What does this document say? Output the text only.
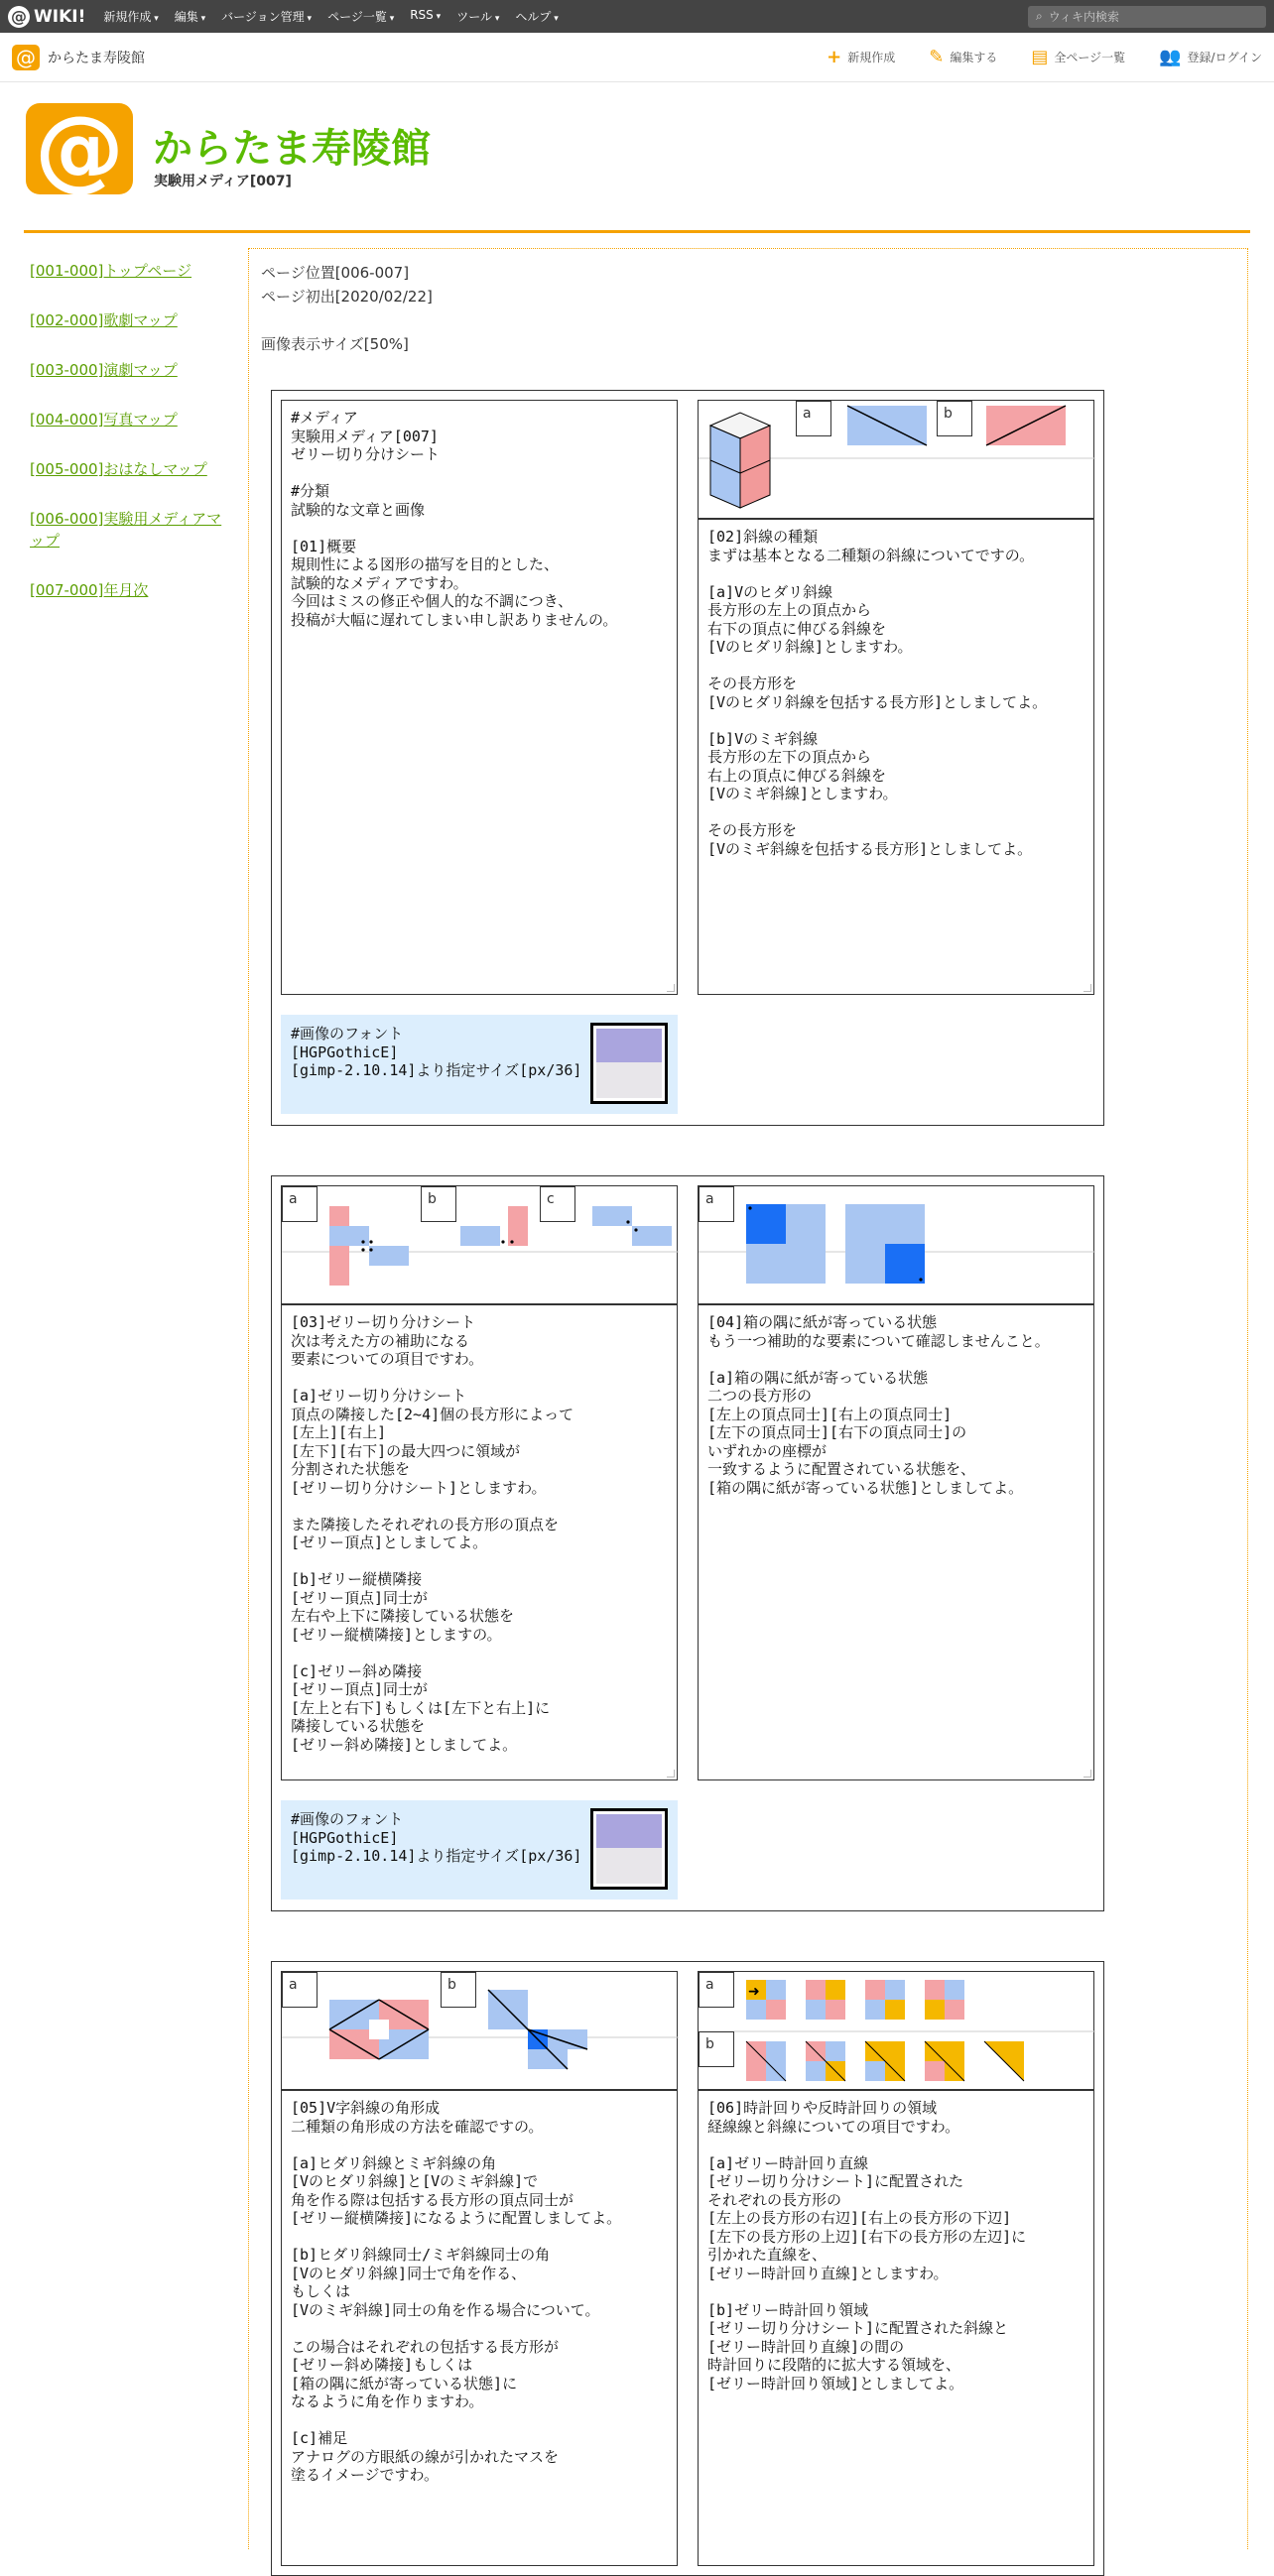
@ WIKI! 新規作成 ▾	編集 ▾	バージョン管理 ▾	ページ一覧 ▾	RSS ▾	ツール ▾	ヘルプ ▾	⌕ ウィキ内検索
@ からたま寿陵館	+ 新規作成 ✎ 編集する ▤ 全ページ一覧 👥 登録/ログイン
@ からたま寿陵館
実験用メディア[007]
[001-000]トップページ
[002-000]歌劇マップ
[003-000]演劇マップ
[004-000]写真マップ
[005-000]おはなしマップ
[006-000]実験用メディアマップ
[007-000]年月次
ページ位置[006-007]
ページ初出[2020/02/22]
画像表示サイズ[50%]
#メディア
実験用メディア[007]
ゼリー切り分けシート

#分類
試験的な文章と画像

[01]概要
規則性による図形の描写を目的とした、
試験的なメディアですわ。
今回はミスの修正や個人的な不調につき、
投稿が大幅に遅れてしまい申し訳ありませんの。
a	b
[02]斜線の種類
まずは基本となる二種類の斜線についてですの。

[a]Vのヒダリ斜線
長方形の左上の頂点から
右下の頂点に伸びる斜線を
[Vのヒダリ斜線]としますわ。

その長方形を
[Vのヒダリ斜線を包括する長方形]としましてよ。

[b]Vのミギ斜線
長方形の左下の頂点から
右上の頂点に伸びる斜線を
[Vのミギ斜線]としますわ。

その長方形を
[Vのミギ斜線を包括する長方形]としましてよ。
#画像のフォント
[HGPGothicE]
[gimp-2.10.14]より指定サイズ[px/36]
a	b	c
[03]ゼリー切り分けシート
次は考えた方の補助になる
要素についての項目ですわ。

[a]ゼリー切り分けシート
頂点の隣接した[2~4]個の長方形によって
[左上][右上]
[左下][右下]の最大四つに領域が
分割された状態を
[ゼリー切り分けシート]としますわ。

また隣接したそれぞれの長方形の頂点を
[ゼリー頂点]としましてよ。

[b]ゼリー縦横隣接
[ゼリー頂点]同士が
左右や上下に隣接している状態を
[ゼリー縦横隣接]としますの。

[c]ゼリー斜め隣接
[ゼリー頂点]同士が
[左上と右下]もしくは[左下と右上]に
隣接している状態を
[ゼリー斜め隣接]としましてよ。
a
[04]箱の隅に紙が寄っている状態
もう一つ補助的な要素について確認しませんこと。

[a]箱の隅に紙が寄っている状態
二つの長方形の
[左上の頂点同士][右上の頂点同士]
[左下の頂点同士][右下の頂点同士]の
いずれかの座標が
一致するように配置されている状態を、
[箱の隅に紙が寄っている状態]としましてよ。
#画像のフォント
[HGPGothicE]
[gimp-2.10.14]より指定サイズ[px/36]
a	b
[05]V字斜線の角形成
二種類の角形成の方法を確認ですの。

[a]ヒダリ斜線とミギ斜線の角
[Vのヒダリ斜線]と[Vのミギ斜線]で
角を作る際は包括する長方形の頂点同士が
[ゼリー縦横隣接]になるように配置しましてよ。

[b]ヒダリ斜線同士/ミギ斜線同士の角
[Vのヒダリ斜線]同士で角を作る、
もしくは
[Vのミギ斜線]同士の角を作る場合について。

この場合はそれぞれの包括する長方形が
[ゼリー斜め隣接]もしくは
[箱の隅に紙が寄っている状態]に
なるように角を作りますわ。

[c]補足
アナログの方眼紙の線が引かれたマスを
塗るイメージですわ。
➜
a
b
[06]時計回りや反時計回りの領域
経線線と斜線についての項目ですわ。

[a]ゼリー時計回り直線
[ゼリー切り分けシート]に配置された
それぞれの長方形の
[左上の長方形の右辺][右上の長方形の下辺]
[左下の長方形の上辺][右下の長方形の左辺]に
引かれた直線を、
[ゼリー時計回り直線]としますわ。

[b]ゼリー時計回り領域
[ゼリー切り分けシート]に配置された斜線と
[ゼリー時計回り直線]の間の
時計回りに段階的に拡大する領域を、
[ゼリー時計回り領域]としましてよ。
